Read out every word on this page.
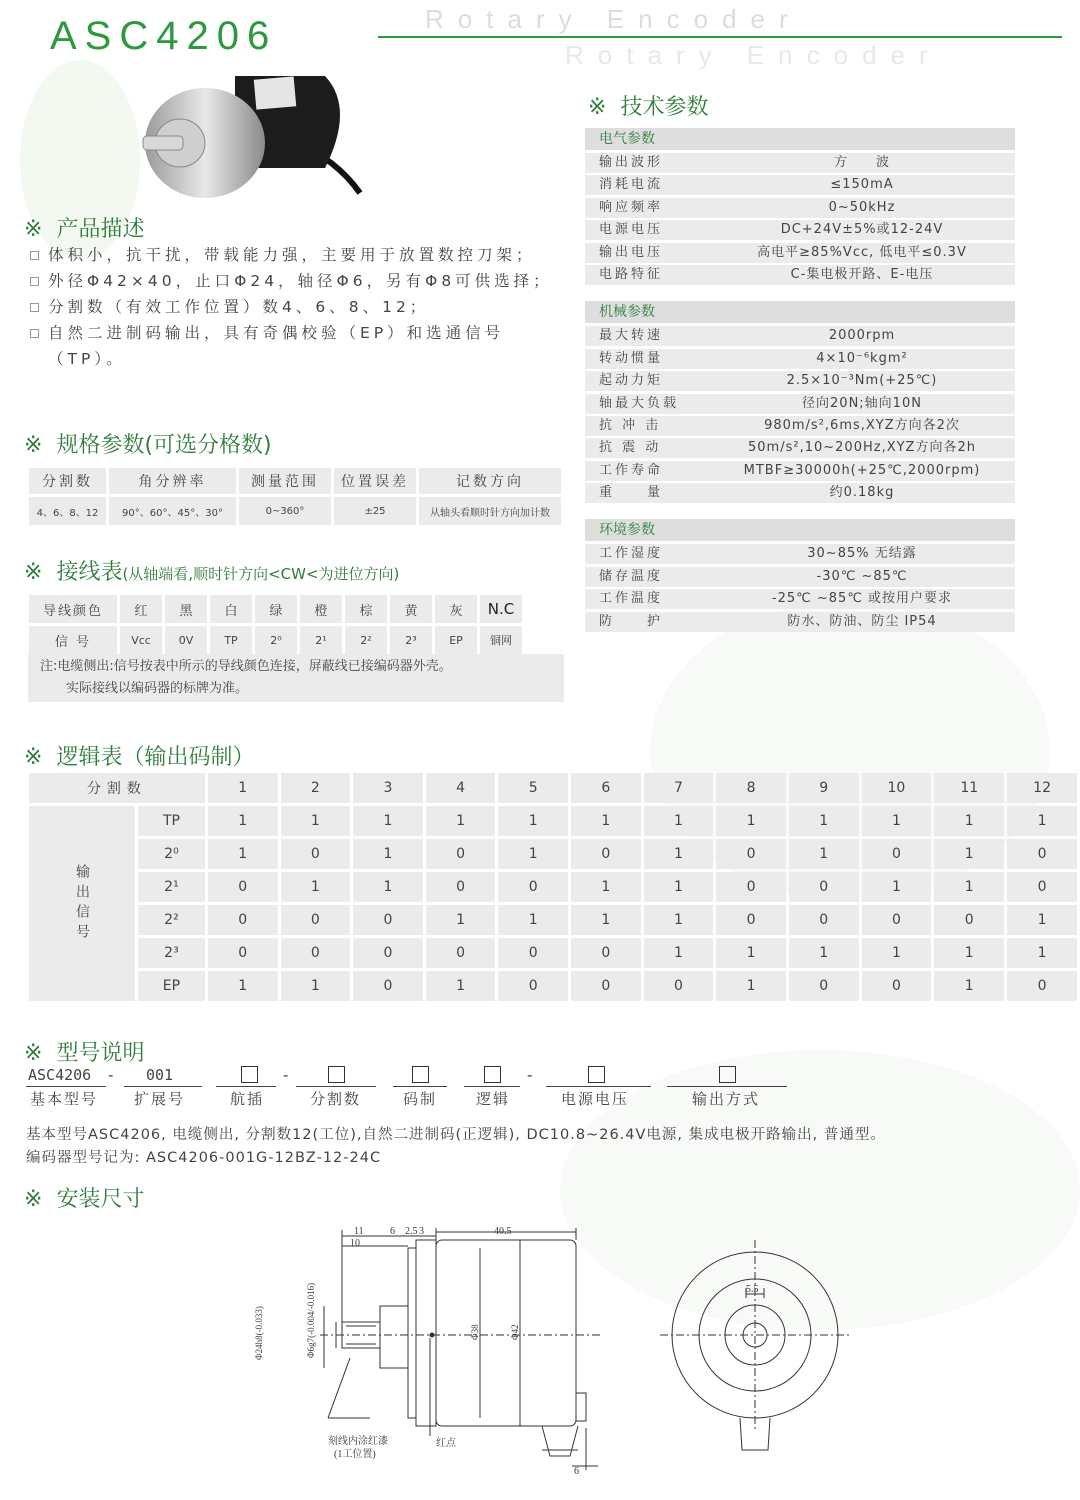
ASC4206	Rotary Encoder
Rotary Encoder
※ 产品描述
体积小，抗干扰，带载能力强，主要用于放置数控刀架；
外径Φ42×40，止口Φ24，轴径Φ6，另有Φ8可供选择；
分割数（有效工作位置）数4、6、8、12；
自然二进制码输出，具有奇偶校验（EP）和选通信号（TP）。
※ 规格参数(可选分格数)
分割数	角分辨率	测量范围	位置误差	记数方向
4、6、8、12	90°、60°、45°、30°	0~360°	±25	从轴头看顺时针方向加计数
※ 接线表(从轴端看,顺时针方向<CW<为进位方向)
导线颜色	红	黑	白	绿	橙	棕	黄	灰	N.C
信 号	Vcc	0V	TP	2⁰	2¹	2²	2³	EP	铜网
注:电缆侧出:信号按表中所示的导线颜色连接，屏蔽线已接编码器外壳。
实际接线以编码器的标牌为准。
※ 技术参数
电气参数
输出波形	方　　波
消耗电流	≤150mA
响应频率	0~50kHz
电源电压	DC+24V±5%或12-24V
输出电压	高电平≥85%Vcc, 低电平≤0.3V
电路特征	C-集电极开路、E-电压
机械参数
最大转速	2000rpm
转动惯量	4×10⁻⁶kgm²
起动力矩	2.5×10⁻³Nm(+25℃)
轴最大负载	径向20N;轴向10N
抗 冲 击	980m/s²,6ms,XYZ方向各2次
抗 震 动	50m/s²,10~200Hz,XYZ方向各2h
工作寿命	MTBF≥30000h(+25℃,2000rpm)
重　　量	约0.18kg
环境参数
工作湿度	30~85% 无结露
储存温度	-30℃ ~85℃
工作温度	-25℃ ~85℃ 或按用户要求
防　　护	防水、防油、防尘 IP54
※ 逻辑表（输出码制）
分割数		1	2	3	4	5	6	7	8	9	10	11	12
输出信号	TP	1	1	1	1	1	1	1	1	1	1	1	1
	2⁰	1	0	1	0	1	0	1	0	1	0	1	0
	2¹	0	1	1	0	0	1	1	0	0	1	1	0
	2²	0	0	0	1	1	1	1	0	0	0	0	1
	2³	0	0	0	0	0	0	1	1	1	1	1	1
	EP	1	1	0	1	0	0	0	1	0	0	1	0
※ 型号说明
ASC4206 - 001	-	-
基本型号 扩展号	航插	分割数	码制	逻辑	电源电压	输出方式
基本型号ASC4206, 电缆侧出, 分割数12(工位),自然二进制码(正逻辑), DC10.8~26.4V电源, 集成电极开路输出, 普通型。
编码器型号记为: ASC4206-001G-12BZ-12-24C
※ 安装尺寸
11	6 2.5 3	40.5
10
5.5
6
Φ24h8(-0.033)	Φ6g7(-0.004/-0.016)	Φ38	Φ42
刻线内涂红漆
(1工位置)
红点
